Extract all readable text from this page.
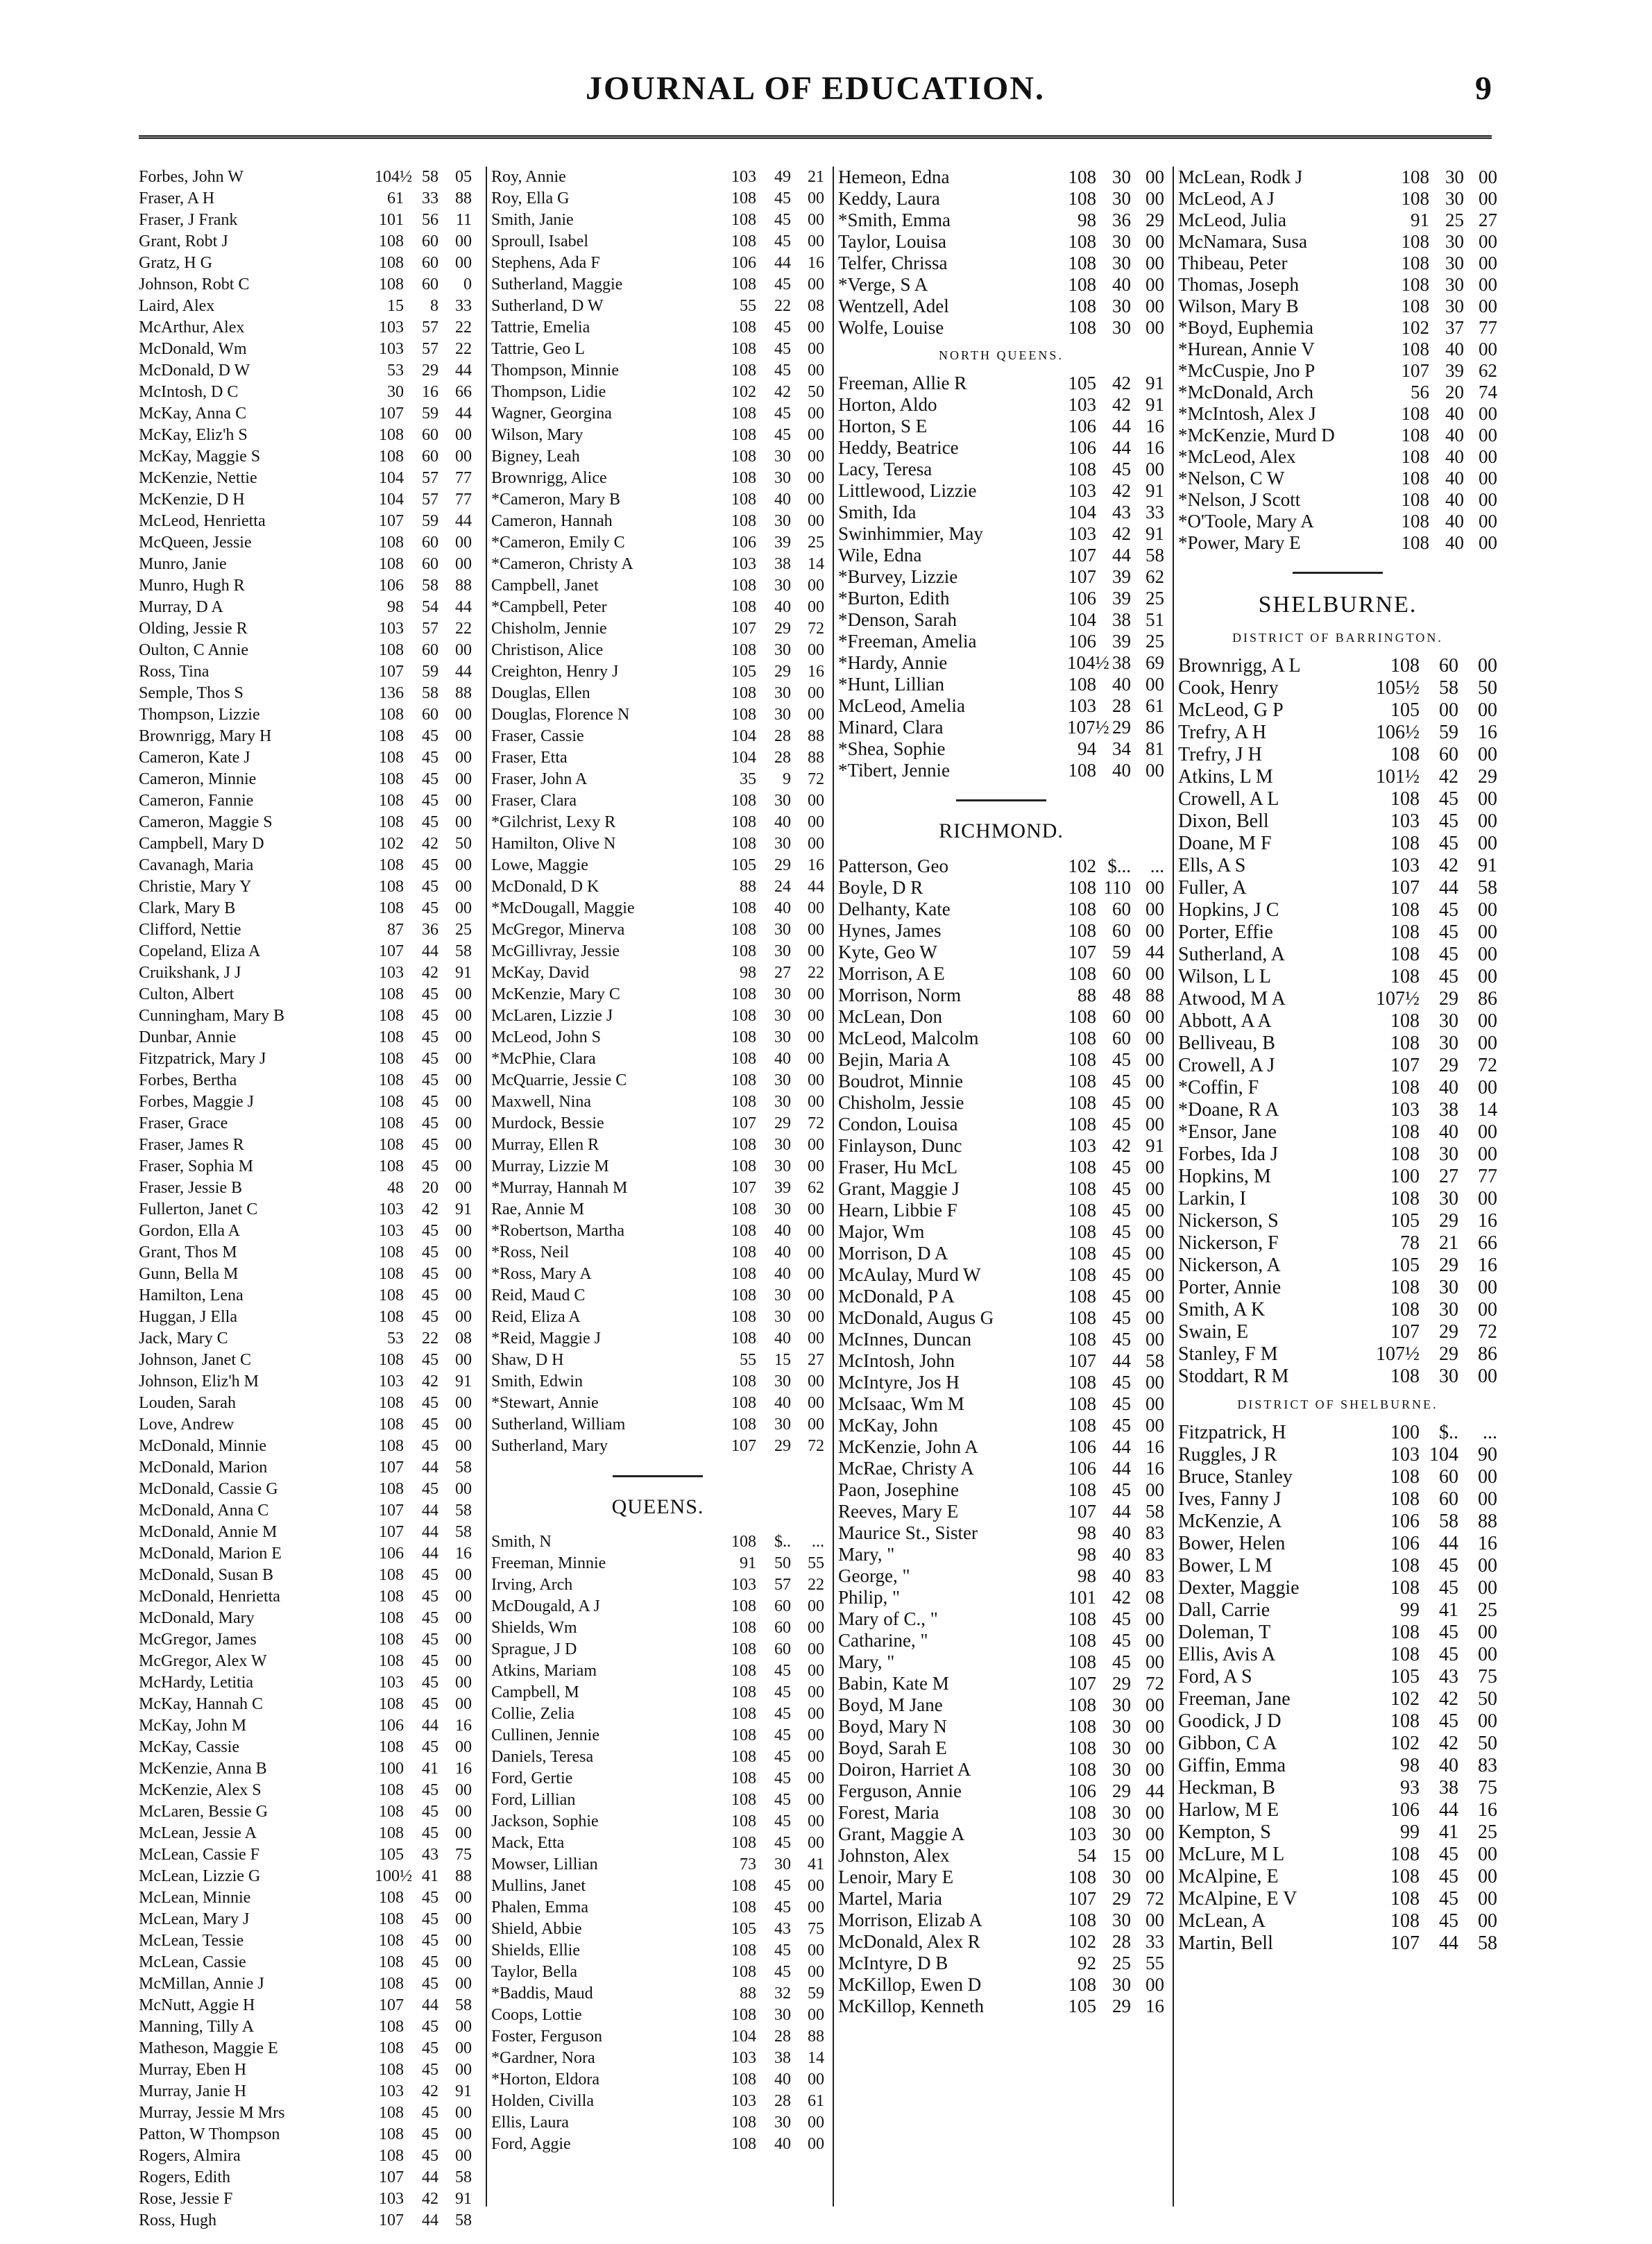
JOURNAL OF EDUCATION.	9
Forbes, John W	104½ 58	05
Fraser, A H	61	33	88
Fraser, J Frank	101	56	11
Grant, Robt J	108	60	00
Gratz, H G	108	60	00
Johnson, Robt C	108	60	0
Laird, Alex	15	8	33
McArthur, Alex	103	57	22
McDonald, Wm	103	57	22
McDonald, D W	53	29	44
McIntosh, D C	30	16	66
McKay, Anna C	107	59	44
McKay, Eliz'h S	108	60	00
McKay, Maggie S	108	60	00
McKenzie, Nettie	104	57	77
McKenzie, D H	104	57	77
McLeod, Henrietta	107	59	44
McQueen, Jessie	108	60	00
Munro, Janie	108	60	00
Munro, Hugh R	106	58	88
Murray, D A	98	54	44
Olding, Jessie R	103	57	22
Oulton, C Annie	108	60	00
Ross, Tina	107	59	44
Semple, Thos S	136	58	88
Thompson, Lizzie	108	60	00
Brownrigg, Mary H	108	45	00
Cameron, Kate J	108	45	00
Cameron, Minnie	108	45	00
Cameron, Fannie	108	45	00
Cameron, Maggie S	108	45	00
Campbell, Mary D	102	42	50
Cavanagh, Maria	108	45	00
Christie, Mary Y	108	45	00
Clark, Mary B	108	45	00
Clifford, Nettie	87	36	25
Copeland, Eliza A	107	44	58
Cruikshank, J J	103	42	91
Culton, Albert	108	45	00
Cunningham, Mary B	108	45	00
Dunbar, Annie	108	45	00
Fitzpatrick, Mary J	108	45	00
Forbes, Bertha	108	45	00
Forbes, Maggie J	108	45	00
Fraser, Grace	108	45	00
Fraser, James R	108	45	00
Fraser, Sophia M	108	45	00
Fraser, Jessie B	48	20	00
Fullerton, Janet C	103	42	91
Gordon, Ella A	103	45	00
Grant, Thos M	108	45	00
Gunn, Bella M	108	45	00
Hamilton, Lena	108	45	00
Huggan, J Ella	108	45	00
Jack, Mary C	53	22	08
Johnson, Janet C	108	45	00
Johnson, Eliz'h M	103	42	91
Louden, Sarah	108	45	00
Love, Andrew	108	45	00
McDonald, Minnie	108	45	00
McDonald, Marion	107	44	58
McDonald, Cassie G	108	45	00
McDonald, Anna C	107	44	58
McDonald, Annie M	107	44	58
McDonald, Marion E	106	44	16
McDonald, Susan B	108	45	00
McDonald, Henrietta	108	45	00
McDonald, Mary	108	45	00
McGregor, James	108	45	00
McGregor, Alex W	108	45	00
McHardy, Letitia	103	45	00
McKay, Hannah C	108	45	00
McKay, John M	106	44	16
McKay, Cassie	108	45	00
McKenzie, Anna B	100	41	16
McKenzie, Alex S	108	45	00
McLaren, Bessie G	108	45	00
McLean, Jessie A	108	45	00
McLean, Cassie F	105	43	75
McLean, Lizzie G	100½ 41	88
McLean, Minnie	108	45	00
McLean, Mary J	108	45	00
McLean, Tessie	108	45	00
McLean, Cassie	108	45	00
McMillan, Annie J	108	45	00
McNutt, Aggie H	107	44	58
Manning, Tilly A	108	45	00
Matheson, Maggie E	108	45	00
Murray, Eben H	108	45	00
Murray, Janie H	103	42	91
Murray, Jessie M Mrs	108	45	00
Patton, W Thompson	108	45	00
Rogers, Almira	108	45	00
Rogers, Edith	107	44	58
Rose, Jessie F	103	42	91
Ross, Hugh	107	44	58
Roy, Annie	103	49	21
Roy, Ella G	108	45	00
Smith, Janie	108	45	00
Sproull, Isabel	108	45	00
Stephens, Ada F	106	44	16
Sutherland, Maggie	108	45	00
Sutherland, D W	55	22	08
Tattrie, Emelia	108	45	00
Tattrie, Geo L	108	45	00
Thompson, Minnie	108	45	00
Thompson, Lidie	102	42	50
Wagner, Georgina	108	45	00
Wilson, Mary	108	45	00
Bigney, Leah	108	30	00
Brownrigg, Alice	108	30	00
*Cameron, Mary B	108	40	00
Cameron, Hannah	108	30	00
*Cameron, Emily C	106	39	25
*Cameron, Christy A	103	38	14
Campbell, Janet	108	30	00
*Campbell, Peter	108	40	00
Chisholm, Jennie	107	29	72
Christison, Alice	108	30	00
Creighton, Henry J	105	29	16
Douglas, Ellen	108	30	00
Douglas, Florence N	108	30	00
Fraser, Cassie	104	28	88
Fraser, Etta	104	28	88
Fraser, John A	35	9	72
Fraser, Clara	108	30	00
*Gilchrist, Lexy R	108	40	00
Hamilton, Olive N	108	30	00
Lowe, Maggie	105	29	16
McDonald, D K	88	24	44
*McDougall, Maggie	108	40	00
McGregor, Minerva	108	30	00
McGillivray, Jessie	108	30	00
McKay, David	98	27	22
McKenzie, Mary C	108	30	00
McLaren, Lizzie J	108	30	00
McLeod, John S	108	30	00
*McPhie, Clara	108	40	00
McQuarrie, Jessie C	108	30	00
Maxwell, Nina	108	30	00
Murdock, Bessie	107	29	72
Murray, Ellen R	108	30	00
Murray, Lizzie M	108	30	00
*Murray, Hannah M	107	39	62
Rae, Annie M	108	30	00
*Robertson, Martha	108	40	00
*Ross, Neil	108	40	00
*Ross, Mary A	108	40	00
Reid, Maud C	108	30	00
Reid, Eliza A	108	30	00
*Reid, Maggie J	108	40	00
Shaw, D H	55	15	27
Smith, Edwin	108	30	00
*Stewart, Annie	108	40	00
Sutherland, William	108	30	00
Sutherland, Mary	107	29	72
QUEENS.
Smith, N	108	$..	...
Freeman, Minnie	91	50	55
Irving, Arch	103	57	22
McDougald, A J	108	60	00
Shields, Wm	108	60	00
Sprague, J D	108	60	00
Atkins, Mariam	108	45	00
Campbell, M	108	45	00
Collie, Zelia	108	45	00
Cullinen, Jennie	108	45	00
Daniels, Teresa	108	45	00
Ford, Gertie	108	45	00
Ford, Lillian	108	45	00
Jackson, Sophie	108	45	00
Mack, Etta	108	45	00
Mowser, Lillian	73	30	41
Mullins, Janet	108	45	00
Phalen, Emma	108	45	00
Shield, Abbie	105	43	75
Shields, Ellie	108	45	00
Taylor, Bella	108	45	00
*Baddis, Maud	88	32	59
Coops, Lottie	108	30	00
Foster, Ferguson	104	28	88
*Gardner, Nora	103	38	14
*Horton, Eldora	108	40	00
Holden, Civilla	103	28	61
Ellis, Laura	108	30	00
Ford, Aggie	108	40	00
Hemeon, Edna	108 30 00
Keddy, Laura	108 30 00
*Smith, Emma	98 36 29
Taylor, Louisa	108 30 00
Telfer, Chrissa	108 30 00
*Verge, S A	108 40 00
Wentzell, Adel	108 30 00
Wolfe, Louise	108 30 00
NORTH QUEENS.
Freeman, Allie R	105 42 91
Horton, Aldo	103 42 91
Horton, S E	106 44 16
Heddy, Beatrice	106 44 16
Lacy, Teresa	108 45 00
Littlewood, Lizzie	103 42 91
Smith, Ida	104 43 33
Swinhimmier, May	103 42 91
Wile, Edna	107 44 58
*Burvey, Lizzie	107 39 62
*Burton, Edith	106 39 25
*Denson, Sarah	104 38 51
*Freeman, Amelia	106 39 25
*Hardy, Annie	104½ 38 69
*Hunt, Lillian	108 40 00
McLeod, Amelia	103 28 61
Minard, Clara	107½ 29 86
*Shea, Sophie	94 34 81
*Tibert, Jennie	108 40 00
RICHMOND.
Patterson, Geo	102 $...	...
Boyle, D R	108 110 00
Delhanty, Kate	108 60 00
Hynes, James	108 60 00
Kyte, Geo W	107 59 44
Morrison, A E	108 60 00
Morrison, Norm	88 48 88
McLean, Don	108 60 00
McLeod, Malcolm	108 60 00
Bejin, Maria A	108 45 00
Boudrot, Minnie	108 45 00
Chisholm, Jessie	108 45 00
Condon, Louisa	108 45 00
Finlayson, Dunc	103 42 91
Fraser, Hu McL	108 45 00
Grant, Maggie J	108 45 00
Hearn, Libbie F	108 45 00
Major, Wm	108 45 00
Morrison, D A	108 45 00
McAulay, Murd W	108 45 00
McDonald, P A	108 45 00
McDonald, Augus G	108 45 00
McInnes, Duncan	108 45 00
McIntosh, John	107 44 58
McIntyre, Jos H	108 45 00
McIsaac, Wm M	108 45 00
McKay, John	108 45 00
McKenzie, John A	106 44 16
McRae, Christy A	106 44 16
Paon, Josephine	108 45 00
Reeves, Mary E	107 44 58
Maurice St., Sister	98 40 83
Mary, "	98 40 83
George, "	98 40 83
Philip, "	101 42 08
Mary of C., "	108 45 00
Catharine, "	108 45 00
Mary, "	108 45 00
Babin, Kate M	107 29 72
Boyd, M Jane	108 30 00
Boyd, Mary N	108 30 00
Boyd, Sarah E	108 30 00
Doiron, Harriet A	108 30 00
Ferguson, Annie	106 29 44
Forest, Maria	108 30 00
Grant, Maggie A	103 30 00
Johnston, Alex	54 15 00
Lenoir, Mary E	108 30 00
Martel, Maria	107 29 72
Morrison, Elizab A	108 30 00
McDonald, Alex R	102 28 33
McIntyre, D B	92 25 55
McKillop, Ewen D	108 30 00
McKillop, Kenneth	105 29 16
McLean, Rodk J	108 30 00
McLeod, A J	108 30 00
McLeod, Julia	91 25 27
McNamara, Susa	108 30 00
Thibeau, Peter	108 30 00
Thomas, Joseph	108 30 00
Wilson, Mary B	108 30 00
*Boyd, Euphemia	102 37 77
*Hurean, Annie V	108 40 00
*McCuspie, Jno P	107 39 62
*McDonald, Arch	56 20 74
*McIntosh, Alex J	108 40 00
*McKenzie, Murd D	108 40 00
*McLeod, Alex	108 40 00
*Nelson, C W	108 40 00
*Nelson, J Scott	108 40 00
*O'Toole, Mary A	108 40 00
*Power, Mary E	108 40 00
SHELBURNE.
DISTRICT OF BARRINGTON.
Brownrigg, A L	108	60	00
Cook, Henry	105½	58	50
McLeod, G P	105	00	00
Trefry, A H	106½	59	16
Trefry, J H	108	60	00
Atkins, L M	101½	42	29
Crowell, A L	108	45	00
Dixon, Bell	103	45	00
Doane, M F	108	45	00
Ells, A S	103	42	91
Fuller, A	107	44	58
Hopkins, J C	108	45	00
Porter, Effie	108	45	00
Sutherland, A	108	45	00
Wilson, L L	108	45	00
Atwood, M A	107½	29	86
Abbott, A A	108	30	00
Belliveau, B	108	30	00
Crowell, A J	107	29	72
*Coffin, F	108	40	00
*Doane, R A	103	38	14
*Ensor, Jane	108	40	00
Forbes, Ida J	108	30	00
Hopkins, M	100	27	77
Larkin, I	108	30	00
Nickerson, S	105	29	16
Nickerson, F	78	21	66
Nickerson, A	105	29	16
Porter, Annie	108	30	00
Smith, A K	108	30	00
Swain, E	107	29	72
Stanley, F M	107½	29	86
Stoddart, R M	108	30	00
DISTRICT OF SHELBURNE.
Fitzpatrick, H	100	$..	...
Ruggles, J R	103 104	90
Bruce, Stanley	108	60	00
Ives, Fanny J	108	60	00
McKenzie, A	106	58	88
Bower, Helen	106	44	16
Bower, L M	108	45	00
Dexter, Maggie	108	45	00
Dall, Carrie	99	41	25
Doleman, T	108	45	00
Ellis, Avis A	108	45	00
Ford, A S	105	43	75
Freeman, Jane	102	42	50
Goodick, J D	108	45	00
Gibbon, C A	102	42	50
Giffin, Emma	98	40	83
Heckman, B	93	38	75
Harlow, M E	106	44	16
Kempton, S	99	41	25
McLure, M L	108	45	00
McAlpine, E	108	45	00
McAlpine, E V	108	45	00
McLean, A	108	45	00
Martin, Bell	107	44	58
